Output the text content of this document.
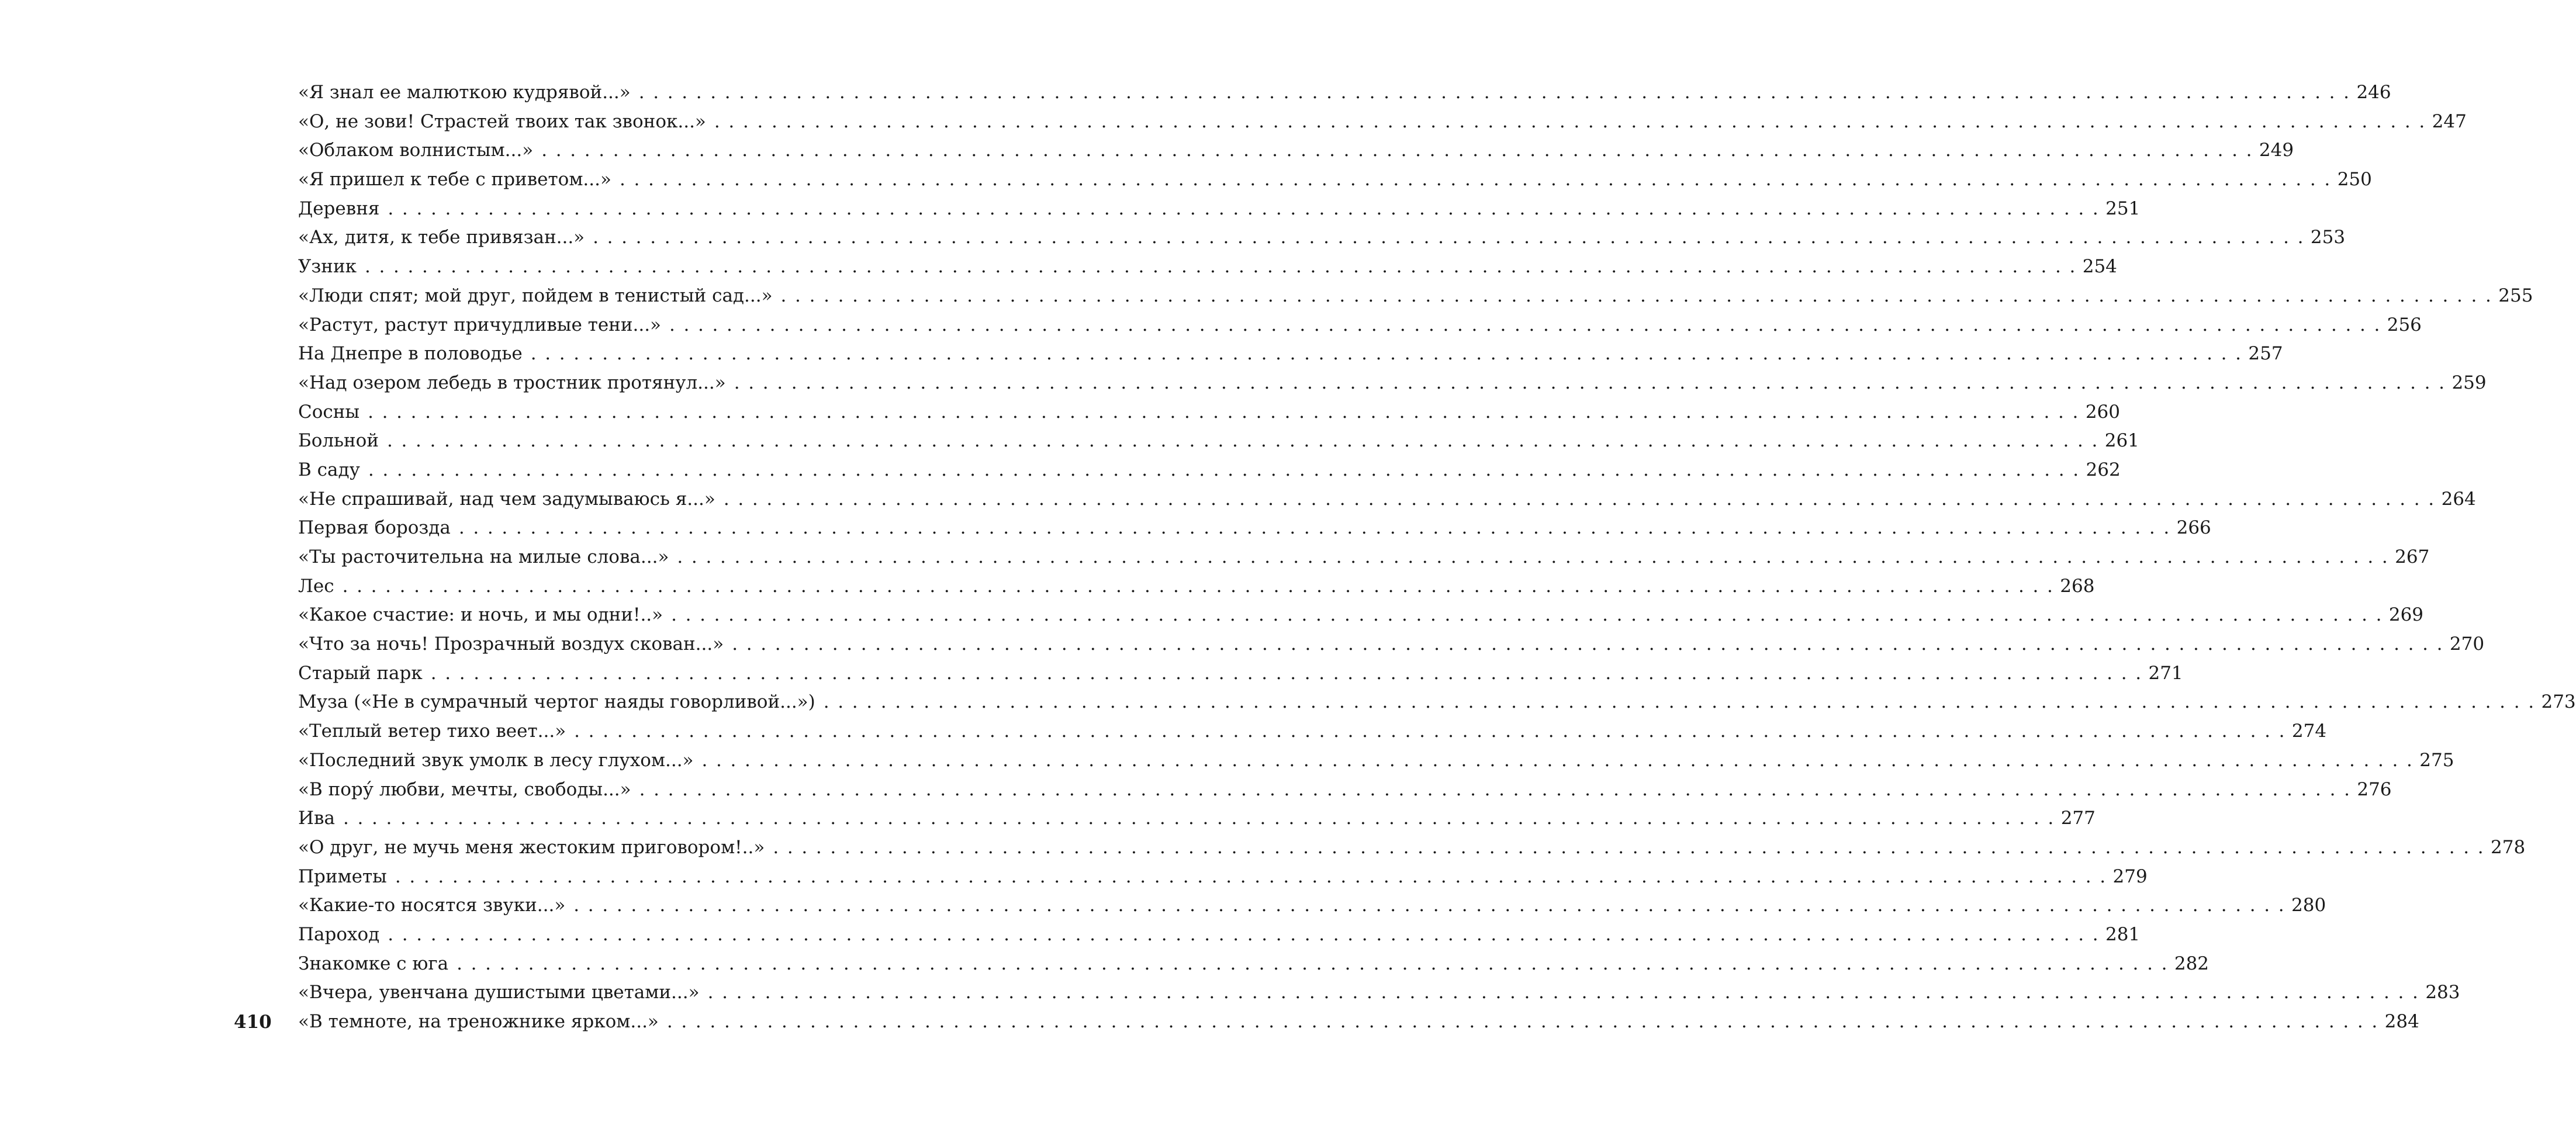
«Я знал ее малюткою кудрявой...» . . . . . . . . . . . . . . . . . . . . . . . . . . . . . . . . . . . . . . . . . . . . . . . . . . . . . . . . . . . . . . . . . . . . . . . . . . . . . . . . . . . . . . . . . . . . . . . . . . . . . . . . . . . . . . . . . . . . . . . . 246
«О, не зови! Страстей твоих так звонок...» . . . . . . . . . . . . . . . . . . . . . . . . . . . . . . . . . . . . . . . . . . . . . . . . . . . . . . . . . . . . . . . . . . . . . . . . . . . . . . . . . . . . . . . . . . . . . . . . . . . . . . . . . . . . . . . . . . . . . . . . 247
«Облаком волнистым...» . . . . . . . . . . . . . . . . . . . . . . . . . . . . . . . . . . . . . . . . . . . . . . . . . . . . . . . . . . . . . . . . . . . . . . . . . . . . . . . . . . . . . . . . . . . . . . . . . . . . . . . . . . . . . . . . . . . . . . . . 249
«Я пришел к тебе с приветом...» . . . . . . . . . . . . . . . . . . . . . . . . . . . . . . . . . . . . . . . . . . . . . . . . . . . . . . . . . . . . . . . . . . . . . . . . . . . . . . . . . . . . . . . . . . . . . . . . . . . . . . . . . . . . . . . . . . . . . . . . 250
Деревня . . . . . . . . . . . . . . . . . . . . . . . . . . . . . . . . . . . . . . . . . . . . . . . . . . . . . . . . . . . . . . . . . . . . . . . . . . . . . . . . . . . . . . . . . . . . . . . . . . . . . . . . . . . . . . . . . . . . . . . . 251
«Ах, дитя, к тебе привязан...» . . . . . . . . . . . . . . . . . . . . . . . . . . . . . . . . . . . . . . . . . . . . . . . . . . . . . . . . . . . . . . . . . . . . . . . . . . . . . . . . . . . . . . . . . . . . . . . . . . . . . . . . . . . . . . . . . . . . . . . . 253
Узник . . . . . . . . . . . . . . . . . . . . . . . . . . . . . . . . . . . . . . . . . . . . . . . . . . . . . . . . . . . . . . . . . . . . . . . . . . . . . . . . . . . . . . . . . . . . . . . . . . . . . . . . . . . . . . . . . . . . . . . . 254
«Люди спят; мой друг, пойдем в тенистый сад...» . . . . . . . . . . . . . . . . . . . . . . . . . . . . . . . . . . . . . . . . . . . . . . . . . . . . . . . . . . . . . . . . . . . . . . . . . . . . . . . . . . . . . . . . . . . . . . . . . . . . . . . . . . . . . . . . . . . . . . . . 255
«Растут, растут причудливые тени...» . . . . . . . . . . . . . . . . . . . . . . . . . . . . . . . . . . . . . . . . . . . . . . . . . . . . . . . . . . . . . . . . . . . . . . . . . . . . . . . . . . . . . . . . . . . . . . . . . . . . . . . . . . . . . . . . . . . . . . . . 256
На Днепре в половодье . . . . . . . . . . . . . . . . . . . . . . . . . . . . . . . . . . . . . . . . . . . . . . . . . . . . . . . . . . . . . . . . . . . . . . . . . . . . . . . . . . . . . . . . . . . . . . . . . . . . . . . . . . . . . . . . . . . . . . . . 257
«Над озером лебедь в тростник протянул...» . . . . . . . . . . . . . . . . . . . . . . . . . . . . . . . . . . . . . . . . . . . . . . . . . . . . . . . . . . . . . . . . . . . . . . . . . . . . . . . . . . . . . . . . . . . . . . . . . . . . . . . . . . . . . . . . . . . . . . . . 259
Сосны . . . . . . . . . . . . . . . . . . . . . . . . . . . . . . . . . . . . . . . . . . . . . . . . . . . . . . . . . . . . . . . . . . . . . . . . . . . . . . . . . . . . . . . . . . . . . . . . . . . . . . . . . . . . . . . . . . . . . . . . 260
Больной . . . . . . . . . . . . . . . . . . . . . . . . . . . . . . . . . . . . . . . . . . . . . . . . . . . . . . . . . . . . . . . . . . . . . . . . . . . . . . . . . . . . . . . . . . . . . . . . . . . . . . . . . . . . . . . . . . . . . . . . 261
В саду . . . . . . . . . . . . . . . . . . . . . . . . . . . . . . . . . . . . . . . . . . . . . . . . . . . . . . . . . . . . . . . . . . . . . . . . . . . . . . . . . . . . . . . . . . . . . . . . . . . . . . . . . . . . . . . . . . . . . . . . 262
«Не спрашивай, над чем задумываюсь я...» . . . . . . . . . . . . . . . . . . . . . . . . . . . . . . . . . . . . . . . . . . . . . . . . . . . . . . . . . . . . . . . . . . . . . . . . . . . . . . . . . . . . . . . . . . . . . . . . . . . . . . . . . . . . . . . . . . . . . . . . 264
Первая борозда . . . . . . . . . . . . . . . . . . . . . . . . . . . . . . . . . . . . . . . . . . . . . . . . . . . . . . . . . . . . . . . . . . . . . . . . . . . . . . . . . . . . . . . . . . . . . . . . . . . . . . . . . . . . . . . . . . . . . . . . 266
«Ты расточительна на милые слова...» . . . . . . . . . . . . . . . . . . . . . . . . . . . . . . . . . . . . . . . . . . . . . . . . . . . . . . . . . . . . . . . . . . . . . . . . . . . . . . . . . . . . . . . . . . . . . . . . . . . . . . . . . . . . . . . . . . . . . . . . 267
Лес . . . . . . . . . . . . . . . . . . . . . . . . . . . . . . . . . . . . . . . . . . . . . . . . . . . . . . . . . . . . . . . . . . . . . . . . . . . . . . . . . . . . . . . . . . . . . . . . . . . . . . . . . . . . . . . . . . . . . . . . 268
«Какое счастие: и ночь, и мы одни!..» . . . . . . . . . . . . . . . . . . . . . . . . . . . . . . . . . . . . . . . . . . . . . . . . . . . . . . . . . . . . . . . . . . . . . . . . . . . . . . . . . . . . . . . . . . . . . . . . . . . . . . . . . . . . . . . . . . . . . . . . 269
«Что за ночь! Прозрачный воздух скован...» . . . . . . . . . . . . . . . . . . . . . . . . . . . . . . . . . . . . . . . . . . . . . . . . . . . . . . . . . . . . . . . . . . . . . . . . . . . . . . . . . . . . . . . . . . . . . . . . . . . . . . . . . . . . . . . . . . . . . . . . 270
Старый парк . . . . . . . . . . . . . . . . . . . . . . . . . . . . . . . . . . . . . . . . . . . . . . . . . . . . . . . . . . . . . . . . . . . . . . . . . . . . . . . . . . . . . . . . . . . . . . . . . . . . . . . . . . . . . . . . . . . . . . . . 271
Муза («Не в сумрачный чертог наяды говорливой...») . . . . . . . . . . . . . . . . . . . . . . . . . . . . . . . . . . . . . . . . . . . . . . . . . . . . . . . . . . . . . . . . . . . . . . . . . . . . . . . . . . . . . . . . . . . . . . . . . . . . . . . . . . . . . . . . . . . . . . . . 273
«Теплый ветер тихо веет...» . . . . . . . . . . . . . . . . . . . . . . . . . . . . . . . . . . . . . . . . . . . . . . . . . . . . . . . . . . . . . . . . . . . . . . . . . . . . . . . . . . . . . . . . . . . . . . . . . . . . . . . . . . . . . . . . . . . . . . . . 274
«Последний звук умолк в лесу глухом...» . . . . . . . . . . . . . . . . . . . . . . . . . . . . . . . . . . . . . . . . . . . . . . . . . . . . . . . . . . . . . . . . . . . . . . . . . . . . . . . . . . . . . . . . . . . . . . . . . . . . . . . . . . . . . . . . . . . . . . . . 275
«В пору́ любви, мечты, свободы...» . . . . . . . . . . . . . . . . . . . . . . . . . . . . . . . . . . . . . . . . . . . . . . . . . . . . . . . . . . . . . . . . . . . . . . . . . . . . . . . . . . . . . . . . . . . . . . . . . . . . . . . . . . . . . . . . . . . . . . . . 276
Ива . . . . . . . . . . . . . . . . . . . . . . . . . . . . . . . . . . . . . . . . . . . . . . . . . . . . . . . . . . . . . . . . . . . . . . . . . . . . . . . . . . . . . . . . . . . . . . . . . . . . . . . . . . . . . . . . . . . . . . . . 277
«О друг, не мучь меня жестоким приговором!..» . . . . . . . . . . . . . . . . . . . . . . . . . . . . . . . . . . . . . . . . . . . . . . . . . . . . . . . . . . . . . . . . . . . . . . . . . . . . . . . . . . . . . . . . . . . . . . . . . . . . . . . . . . . . . . . . . . . . . . . . 278
Приметы . . . . . . . . . . . . . . . . . . . . . . . . . . . . . . . . . . . . . . . . . . . . . . . . . . . . . . . . . . . . . . . . . . . . . . . . . . . . . . . . . . . . . . . . . . . . . . . . . . . . . . . . . . . . . . . . . . . . . . . . 279
«Какие-то носятся звуки...» . . . . . . . . . . . . . . . . . . . . . . . . . . . . . . . . . . . . . . . . . . . . . . . . . . . . . . . . . . . . . . . . . . . . . . . . . . . . . . . . . . . . . . . . . . . . . . . . . . . . . . . . . . . . . . . . . . . . . . . . 280
Пароход . . . . . . . . . . . . . . . . . . . . . . . . . . . . . . . . . . . . . . . . . . . . . . . . . . . . . . . . . . . . . . . . . . . . . . . . . . . . . . . . . . . . . . . . . . . . . . . . . . . . . . . . . . . . . . . . . . . . . . . . 281
Знакомке с юга . . . . . . . . . . . . . . . . . . . . . . . . . . . . . . . . . . . . . . . . . . . . . . . . . . . . . . . . . . . . . . . . . . . . . . . . . . . . . . . . . . . . . . . . . . . . . . . . . . . . . . . . . . . . . . . . . . . . . . . . 282
«Вчера, увенчана душистыми цветами...» . . . . . . . . . . . . . . . . . . . . . . . . . . . . . . . . . . . . . . . . . . . . . . . . . . . . . . . . . . . . . . . . . . . . . . . . . . . . . . . . . . . . . . . . . . . . . . . . . . . . . . . . . . . . . . . . . . . . . . . . 283
«В темноте, на треножнике ярком...» . . . . . . . . . . . . . . . . . . . . . . . . . . . . . . . . . . . . . . . . . . . . . . . . . . . . . . . . . . . . . . . . . . . . . . . . . . . . . . . . . . . . . . . . . . . . . . . . . . . . . . . . . . . . . . . . . . . . . . . . 284
410
